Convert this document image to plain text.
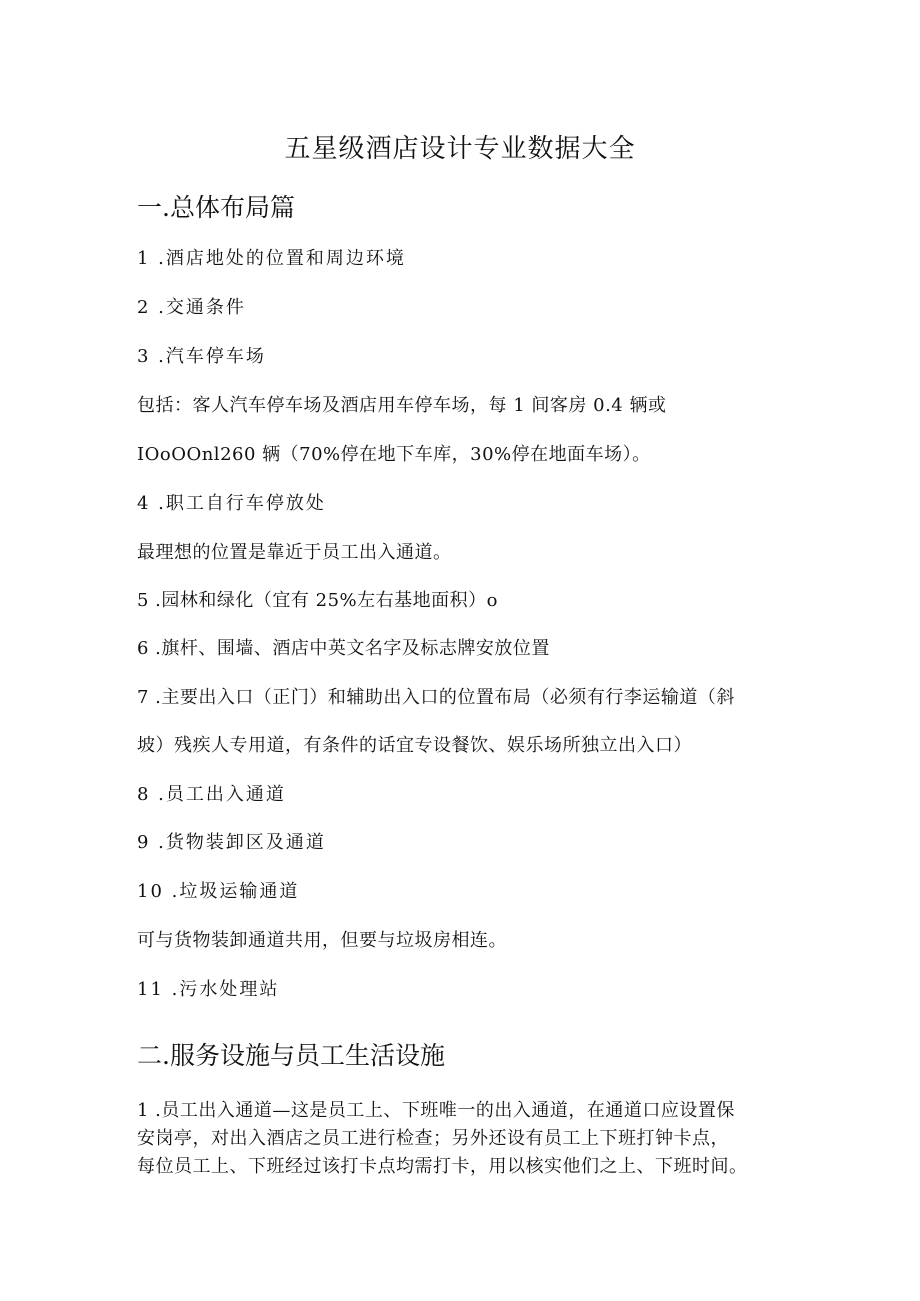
五星级酒店设计专业数据大全
一.总体布局篇

1 .酒店地处的位置和周边环境

2 .交通条件

3 .汽车停车场

包括：客人汽车停车场及酒店用车停车场，每 1 间客房 0.4 辆或

IOoOOnl260 辆（70%停在地下车库，30%停在地面车场）。

4 .职工自行车停放处

最理想的位置是靠近于员工出入通道。

5 .园林和绿化（宜有 25%左右基地面积）o

6 .旗杆、围墙、酒店中英文名字及标志牌安放位置

7 .主要出入口（正门）和辅助出入口的位置布局（必须有行李运输道（斜

坡）残疾人专用道，有条件的话宜专设餐饮、娱乐场所独立出入口）

8 .员工出入通道

9 .货物装卸区及通道

10 .垃圾运输通道

可与货物装卸通道共用，但要与垃圾房相连。

11 .污水处理站

二.服务设施与员工生活设施

1 .员工出入通道—这是员工上、下班唯一的出入通道，在通道口应设置保

安岗亭，对出入酒店之员工进行检查；另外还设有员工上下班打钟卡点，

每位员工上、下班经过该打卡点均需打卡，用以核实他们之上、下班时间。
